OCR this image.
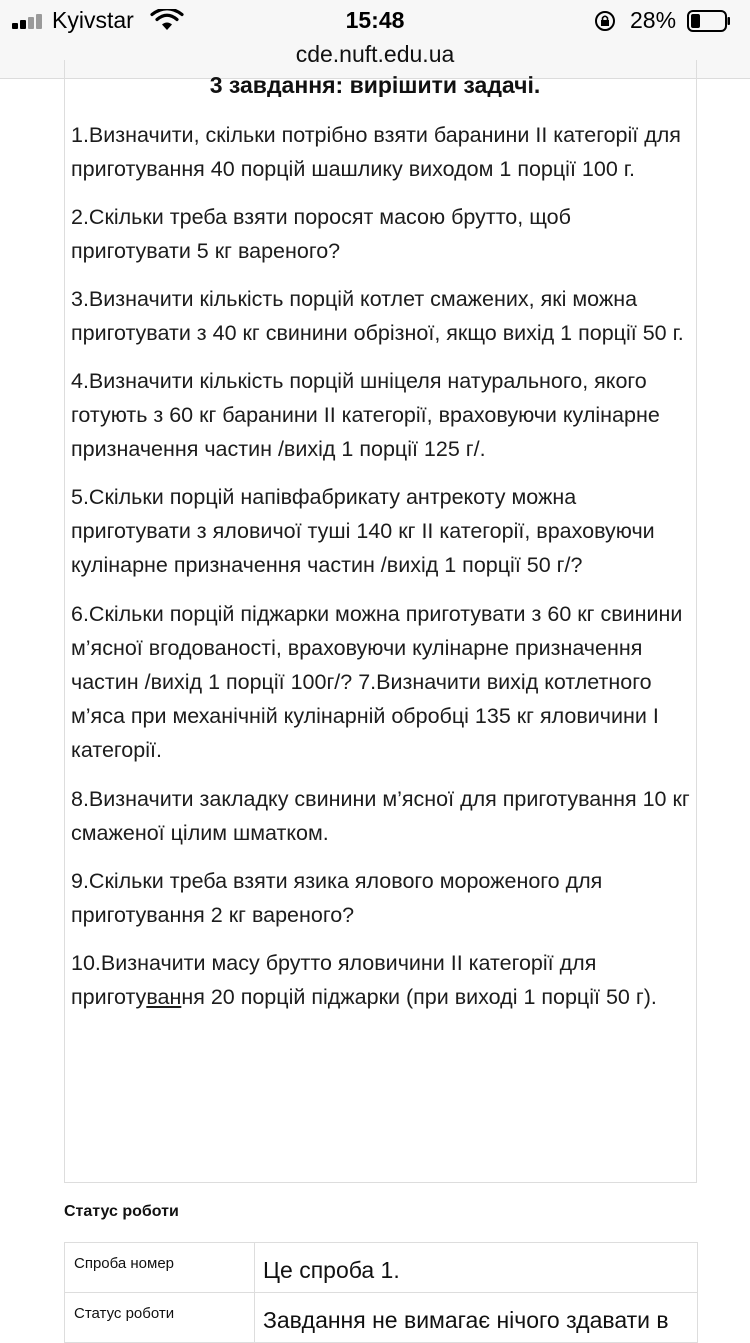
Kyivstar	15:48	28%
cde.nuft.edu.ua
3 завдання: вирішити задачі.

1.Визначити, скільки потрібно взяти баранини II категорії для приготування 40 порцій шашлику виходом 1 порції 100 г.

2.Скільки треба взяти поросят масою брутто, щоб приготувати 5 кг вареного?

3.Визначити кількість порцій котлет смажених, які можна приготувати з 40 кг свинини обрізної, якщо вихід 1 порції 50 г.

4.Визначити кількість порцій шніцеля натурального, якого готують з 60 кг баранини II категорії, враховуючи кулінарне призначення частин /вихід 1 порції 125 г/.

5.Скільки порцій напівфабрикату антрекоту можна приготувати з яловичої туші 140 кг II категорії, враховуючи кулінарне призначення частин /вихід 1 порції 50 г/?

6.Скільки порцій піджарки можна приготувати з 60 кг свинини м’ясної вгодованості, враховуючи кулінарне призначення частин /вихід 1 порції 100г/? 7.Визначити вихід котлетного м’яса при механічній кулінарній обробці 135 кг яловичини I категорії.

8.Визначити закладку свинини м’ясної для приготування 10 кг смаженої цілим шматком.

9.Скільки треба взяти язика ялового мороженого для приготування 2 кг вареного?

10.Визначити масу брутто яловичини II категорії для приготування 20 порцій піджарки (при виході 1 порції 50 г).

Статус роботи
Спроба номер	Це спроба 1.
Статус роботи	Завдання не вимагає нічого здавати в
